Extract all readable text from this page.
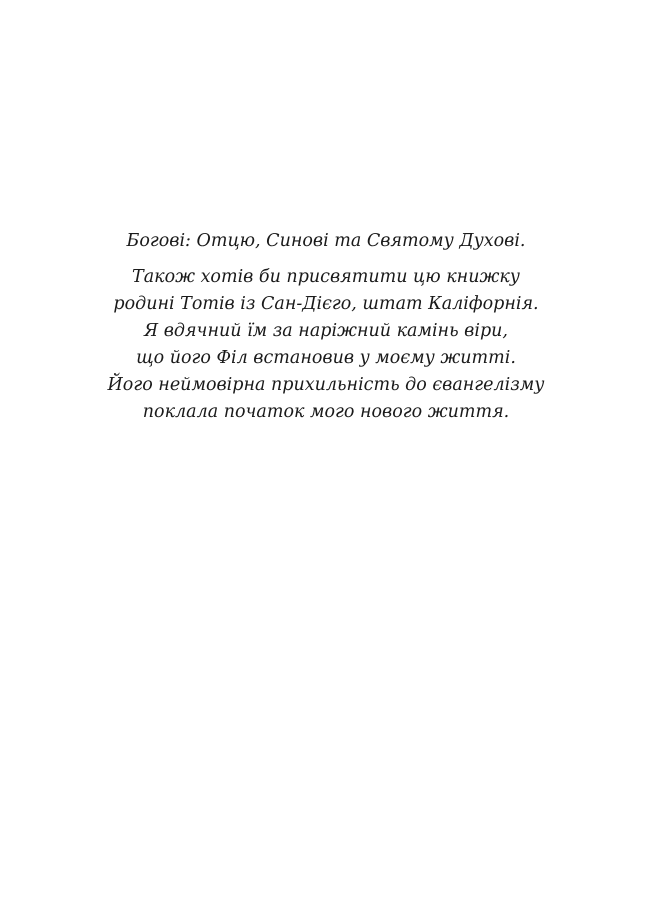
Богові: Отцю, Синові та Святому Духові.

Також хотів би присвятити цю книжку
родині Тотів із Сан-Дієго, штат Каліфорнія.
Я вдячний їм за наріжний камінь віри,
що його Філ встановив у моєму житті.
Його неймовірна прихильність до євангелізму
поклала початок мого нового життя.
